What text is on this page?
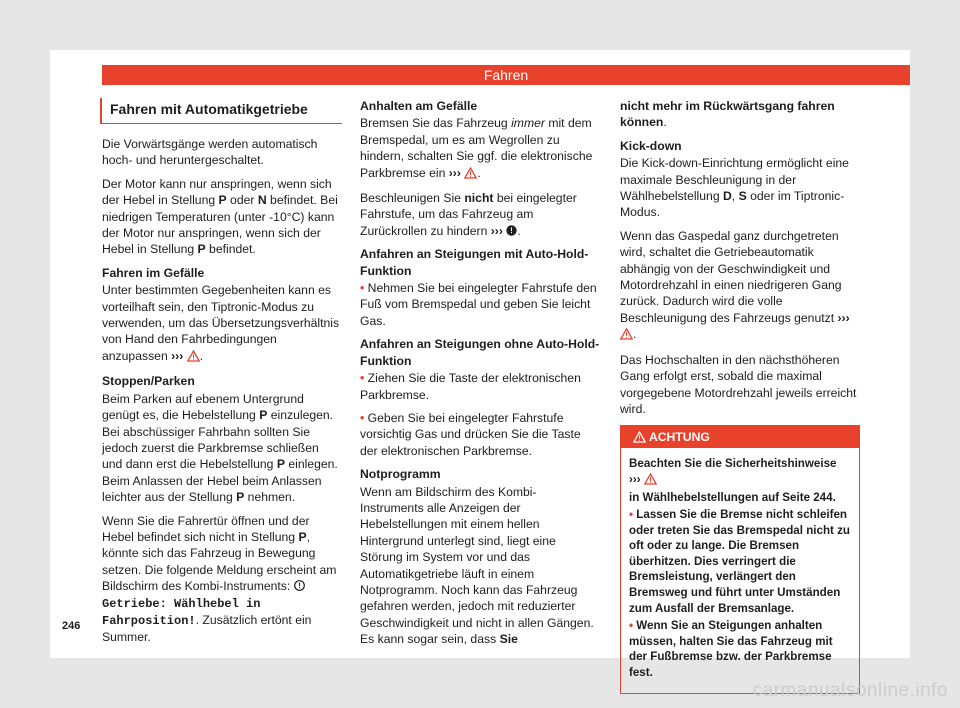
Fahren
Fahren mit Automatikgetriebe

Die Vorwärtsgänge werden automatisch hoch- und heruntergeschaltet.

Der Motor kann nur anspringen, wenn sich der Hebel in Stellung P oder N befindet. Bei niedrigen Temperaturen (unter -10°C) kann der Motor nur anspringen, wenn sich der Hebel in Stellung P befindet.

Fahren im Gefälle

Unter bestimmten Gegebenheiten kann es vorteilhaft sein, den Tiptronic-Modus zu verwenden, um das Übersetzungsverhältnis von Hand den Fahrbedingungen anzupassen ››› .

Stoppen/Parken

Beim Parken auf ebenem Untergrund genügt es, die Hebelstellung P einzulegen. Bei abschüssiger Fahrbahn sollten Sie jedoch zuerst die Parkbremse schließen und dann erst die Hebelstellung P einlegen. Beim Anlassen der Hebel beim Anlassen leichter aus der Stellung P nehmen.

Wenn Sie die Fahrertür öffnen und der Hebel befindet sich nicht in Stellung P, könnte sich das Fahrzeug in Bewegung setzen. Die folgende Meldung erscheint am Bildschirm des Kombi-Instruments:  Getriebe: Wählhebel in Fahrposition!. Zusätzlich ertönt ein Summer.

Anhalten am Gefälle

Bremsen Sie das Fahrzeug immer mit dem Bremspedal, um es am Wegrollen zu hindern, schalten Sie ggf. die elektronische Parkbremse ein ››› .

Beschleunigen Sie nicht bei eingelegter Fahrstufe, um das Fahrzeug am Zurückrollen zu hindern ››› .

Anfahren an Steigungen mit Auto-Hold-Funktion

• Nehmen Sie bei eingelegter Fahrstufe den Fuß vom Bremspedal und geben Sie leicht Gas.

Anfahren an Steigungen ohne Auto-Hold-Funktion

• Ziehen Sie die Taste der elektronischen Parkbremse.

• Geben Sie bei eingelegter Fahrstufe vorsichtig Gas und drücken Sie die Taste der elektronischen Parkbremse.

Notprogramm

Wenn am Bildschirm des Kombi-Instruments alle Anzeigen der Hebelstellungen mit einem hellen Hintergrund unterlegt sind, liegt eine Störung im System vor und das Automatikgetriebe läuft in einem Notprogramm. Noch kann das Fahrzeug gefahren werden, jedoch mit reduzierter Geschwindigkeit und nicht in allen Gängen. Es kann sogar sein, dass Sie

nicht mehr im Rückwärtsgang fahren können.

Kick-down

Die Kick-down-Einrichtung ermöglicht eine maximale Beschleunigung in der Wählhebelstellung D, S oder im Tiptronic-Modus.

Wenn das Gaspedal ganz durchgetreten wird, schaltet die Getriebeautomatik abhängig von der Geschwindigkeit und Motordrehzahl in einen niedrigeren Gang zurück. Dadurch wird die volle Beschleunigung des Fahrzeugs genutzt ››› .

Das Hochschalten in den nächsthöheren Gang erfolgt erst, sobald die maximal vorgegebene Motordrehzahl jeweils erreicht wird.

ACHTUNG

Beachten Sie die Sicherheitshinweise ›››
in Wählhebelstellungen auf Seite 244.

• Lassen Sie die Bremse nicht schleifen oder treten Sie das Bremspedal nicht zu oft oder zu lange. Die Bremsen überhitzen. Dies verringert die Bremsleistung, verlängert den Bremsweg und führt unter Umständen zum Ausfall der Bremsanlage.

• Wenn Sie an Steigungen anhalten müssen, halten Sie das Fahrzeug mit der Fußbremse bzw. der Parkbremse fest.

246
carmanualsonline.info
